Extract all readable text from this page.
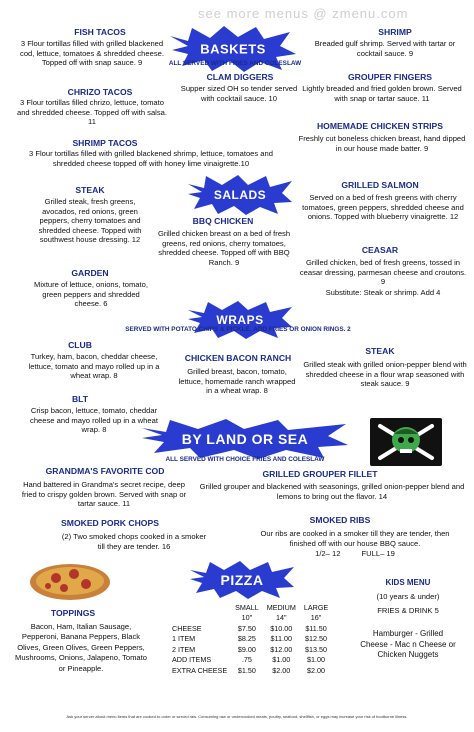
see more menus @ zmenu.com
BASKETS
ALL SERVED WITH FRIES AND COLESLAW
FISH TACOS
3 Flour tortillas filled with grilled blackened cod, lettuce, tomatoes & shredded cheese. Topped off with snap sauce. 9
CHRIZO TACOS
3 Flour tortillas filled chrizo, lettuce, tomato and shredded cheese. Topped off with salsa. 11
SHRIMP TACOS
3 Flour tortillas filled with grilled blackened shrimp, lettuce, tomatoes and shredded cheese topped off with honey lime vinaigrette.10
CLAM DIGGERS
Supper sized OH so tender served with cocktail sauce. 10
SHRIMP
Breaded gulf shrimp. Served with tartar or cocktail sauce. 9
GROUPER FINGERS
Lightly breaded and fried golden brown. Served with snap or tartar sauce. 11
HOMEMADE CHICKEN STRIPS
Freshly cut boneless chicken breast, hand dipped in our house made batter. 9
SALADS
STEAK
Grilled steak, fresh greens, avocados, red onions, green peppers, cherry tomatoes and shredded cheese. Topped with southwest house dressing. 12
GARDEN
Mixture of lettuce, onions, tomato, green peppers and shredded cheese. 6
BBQ CHICKEN
Grilled chicken breast on a bed of fresh greens, red onions, cherry tomatoes, shredded cheese. Topped off with BBQ Ranch. 9
GRILLED SALMON
Served on a bed of fresh greens with cherry tomatoes, green peppers, shredded cheese and onions. Topped with blueberry vinaigrette. 12
CEASAR
Grilled chicken, bed of fresh greens, tossed in ceasar dressing, parmesan cheese and croutons. 9
Substitute: Steak or shrimp. Add 4
WRAPS
SERVED WITH POTATO CHIPS & PICKLE. ADD FRIES OR ONION RINGS. 2
CLUB
Turkey, ham, bacon, cheddar cheese, lettuce, tomato and mayo rolled up in a wheat wrap. 8
BLT
Crisp bacon, lettuce, tomato, cheddar cheese and mayo rolled up in a wheat wrap. 8
CHICKEN BACON RANCH
Grilled breast, bacon, tomato, lettuce, homemade ranch wrapped in a wheat wrap. 8
STEAK
Grilled steak with grilled onion-pepper blend with shredded cheese in a flour wrap seasoned with steak sauce. 9
BY LAND OR SEA
ALL SERVED WITH CHOICE FRIES AND COLESLAW
GRANDMA'S FAVORITE COD
Hand battered in Grandma's secret recipe, deep fried to crispy golden brown. Served with snap or tartar sauce. 11
GRILLED GROUPER FILLET
Grilled grouper and blackened with seasonings, grilled onion-pepper blend and lemons to bring out the flavor. 14
SMOKED PORK CHOPS
(2) Two smoked chops cooked in a smoker till they are tender. 16
SMOKED RIBS
Our ribs are cooked in a smoker till they are tender, then finished off with our house BBQ sauce.
1/2– 12          FULL– 19
PIZZA
TOPPINGS
Bacon, Ham, Italian Sausage, Pepperoni, Banana Peppers, Black Olives, Green Olives, Green Peppers, Mushrooms, Onions, Jalapeno, Tomato or Pineapple.
	SMALL	MEDIUM	LARGE
	10"	14"	16"
CHEESE	$7.50	$10.00	$11.50
1 ITEM	$8.25	$11.00	$12.50
2 ITEM	$9.00	$12.00	$13.50
ADD ITEMS	.75	$1.00	$1.00
EXTRA CHEESE	$1.50	$2.00	$2.00
KIDS MENU
(10 years & under)
FRIES & DRINK 5
Hamburger - Grilled Cheese - Mac n Cheese or Chicken Nuggets
Ask your server about menu items that are cooked to order or served raw. Consuming raw or undercooked meats, poultry, seafood, shellfish, or eggs may increase your risk of foodborne illness.
